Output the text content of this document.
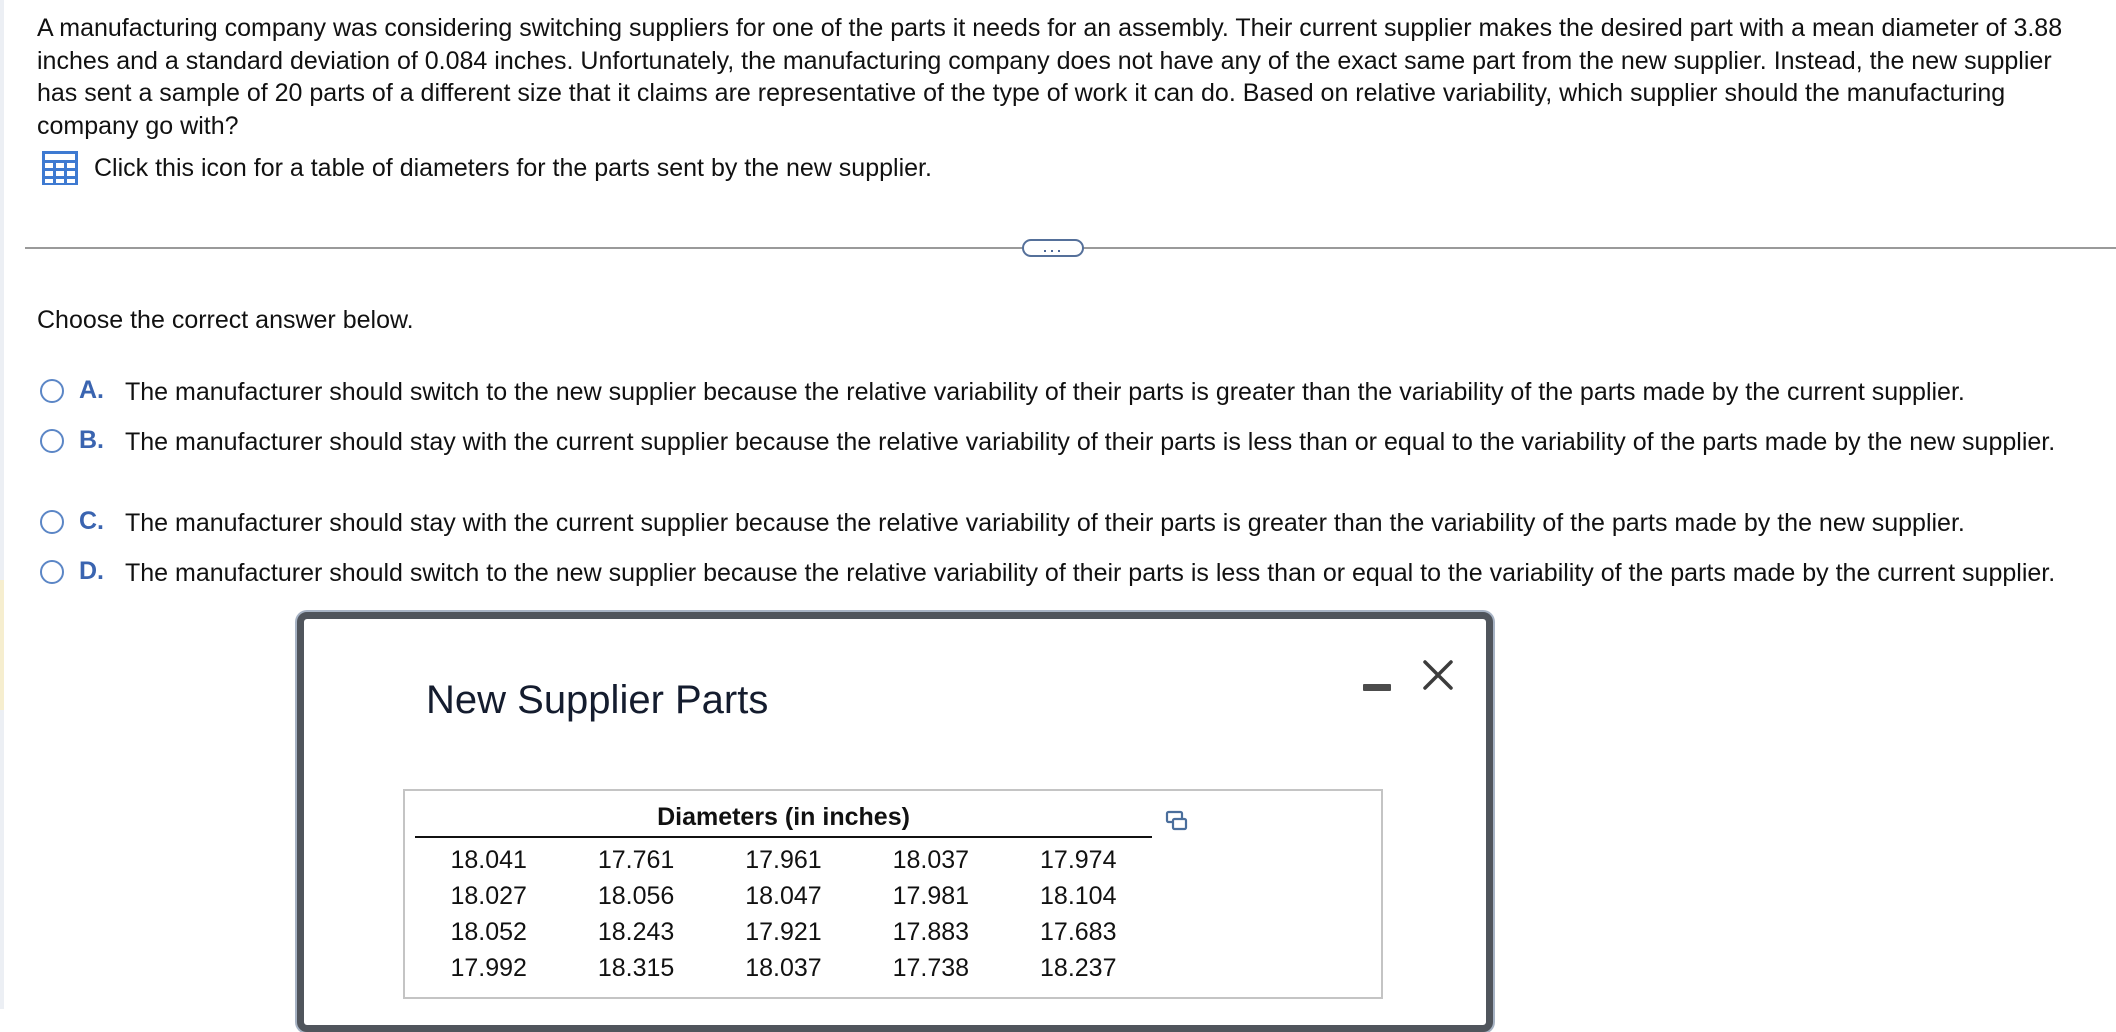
A manufacturing company was considering switching suppliers for one of the parts it needs for an assembly. Their current supplier makes the desired part with a mean diameter of 3.88 inches and a standard deviation of 0.084 inches. Unfortunately, the manufacturing company does not have any of the exact same part from the new supplier. Instead, the new supplier has sent a sample of 20 parts of a different size that it claims are representative of the type of work it can do. Based on relative variability, which supplier should the manufacturing company go with?

Click this icon for a table of diameters for the parts sent by the new supplier.
...
Choose the correct answer below.
A. The manufacturer should switch to the new supplier because the relative variability of their parts is greater than the variability of the parts made by the current supplier.
B. The manufacturer should stay with the current supplier because the relative variability of their parts is less than or equal to the variability of the parts made by the new supplier.
C. The manufacturer should stay with the current supplier because the relative variability of their parts is greater than the variability of the parts made by the new supplier.
D. The manufacturer should switch to the new supplier because the relative variability of their parts is less than or equal to the variability of the parts made by the current supplier.
New Supplier Parts
Diameters (in inches)
18.041	17.761	17.961	18.037	17.974
18.027	18.056	18.047	17.981	18.104
18.052	18.243	17.921	17.883	17.683
17.992	18.315	18.037	17.738	18.237
